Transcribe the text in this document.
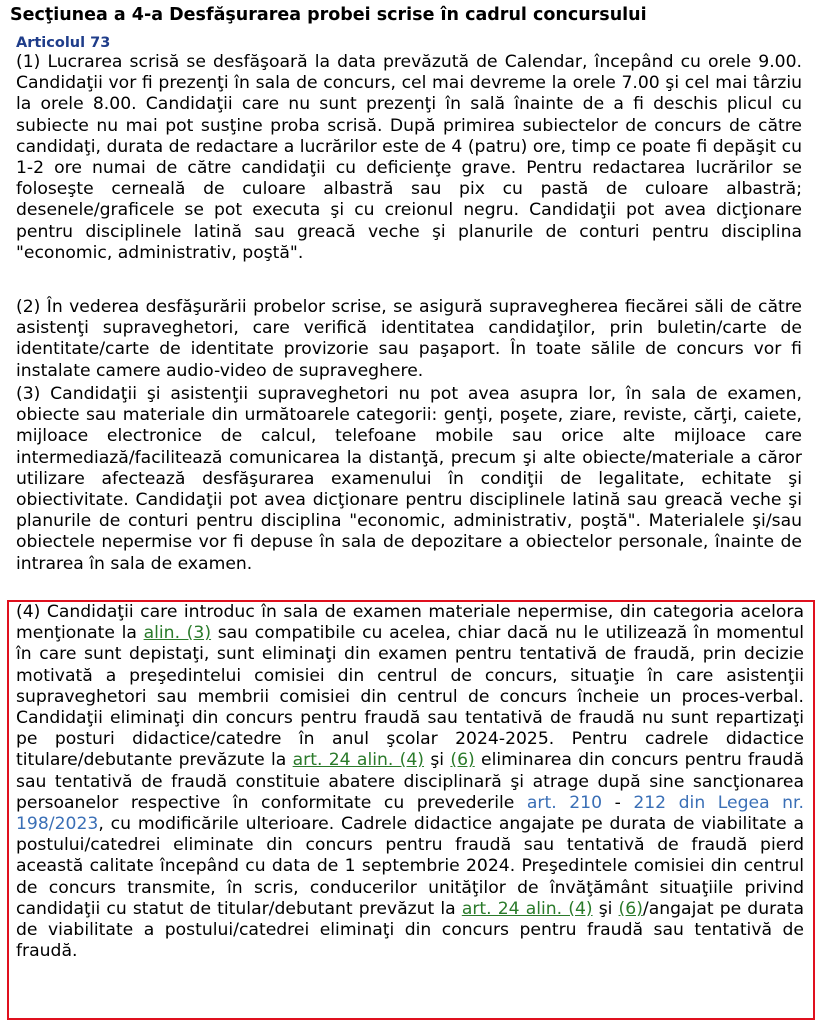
Secţiunea a 4-a Desfăşurarea probei scrise în cadrul concursului
Articolul 73
(1) Lucrarea scrisă se desfăşoară la data prevăzută de Calendar, începând cu orele 9.00. Candidaţii vor fi prezenţi în sala de concurs, cel mai devreme la orele 7.00 şi cel mai târziu la orele 8.00. Candidaţii care nu sunt prezenţi în sală înainte de a fi deschis plicul cu subiecte nu mai pot susţine proba scrisă. După primirea subiectelor de concurs de către candidaţi, durata de redactare a lucrărilor este de 4 (patru) ore, timp ce poate fi depăşit cu 1-2 ore numai de către candidaţii cu deficienţe grave. Pentru redactarea lucrărilor se foloseşte cerneală de culoare albastră sau pix cu pastă de culoare albastră; desenele/graficele se pot executa şi cu creionul negru. Candidaţii pot avea dicţionare pentru disciplinele latină sau greacă veche şi planurile de conturi pentru disciplina "economic, administrativ, poştă".
(2) În vederea desfăşurării probelor scrise, se asigură supravegherea fiecărei săli de către asistenţi supraveghetori, care verifică identitatea candidaţilor, prin buletin/carte de identitate/carte de identitate provizorie sau paşaport. În toate sălile de concurs vor fi instalate camere audio-video de supraveghere.
(3) Candidaţii şi asistenţii supraveghetori nu pot avea asupra lor, în sala de examen, obiecte sau materiale din următoarele categorii: genţi, poşete, ziare, reviste, cărţi, caiete, mijloace electronice de calcul, telefoane mobile sau orice alte mijloace care intermediază/facilitează comunicarea la distanţă, precum şi alte obiecte/materiale a căror utilizare afectează desfăşurarea examenului în condiţii de legalitate, echitate şi obiectivitate. Candidaţii pot avea dicţionare pentru disciplinele latină sau greacă veche şi planurile de conturi pentru disciplina "economic, administrativ, poştă". Materialele şi/sau obiectele nepermise vor fi depuse în sala de depozitare a obiectelor personale, înainte de intrarea în sala de examen.
(4) Candidaţii care introduc în sala de examen materiale nepermise, din categoria acelora menţionate la alin. (3) sau compatibile cu acelea, chiar dacă nu le utilizează în momentul în care sunt depistaţi, sunt eliminaţi din examen pentru tentativă de fraudă, prin decizie motivată a preşedintelui comisiei din centrul de concurs, situaţie în care asistenţii supraveghetori sau membrii comisiei din centrul de concurs încheie un proces-verbal. Candidaţii eliminaţi din concurs pentru fraudă sau tentativă de fraudă nu sunt repartizaţi pe posturi didactice/catedre în anul şcolar 2024-2025. Pentru cadrele didactice titulare/debutante prevăzute la art. 24 alin. (4) şi (6) eliminarea din concurs pentru fraudă sau tentativă de fraudă constituie abatere disciplinară şi atrage după sine sancţionarea persoanelor respective în conformitate cu prevederile art. 210 - 212 din Legea nr. 198/2023, cu modificările ulterioare. Cadrele didactice angajate pe durata de viabilitate a postului/catedrei eliminate din concurs pentru fraudă sau tentativă de fraudă pierd această calitate începând cu data de 1 septembrie 2024. Preşedintele comisiei din centrul de concurs transmite, în scris, conducerilor unităţilor de învăţământ situaţiile privind candidaţii cu statut de titular/debutant prevăzut la art. 24 alin. (4) şi (6)/angajat pe durata de viabilitate a postului/catedrei eliminaţi din concurs pentru fraudă sau tentativă de fraudă.
